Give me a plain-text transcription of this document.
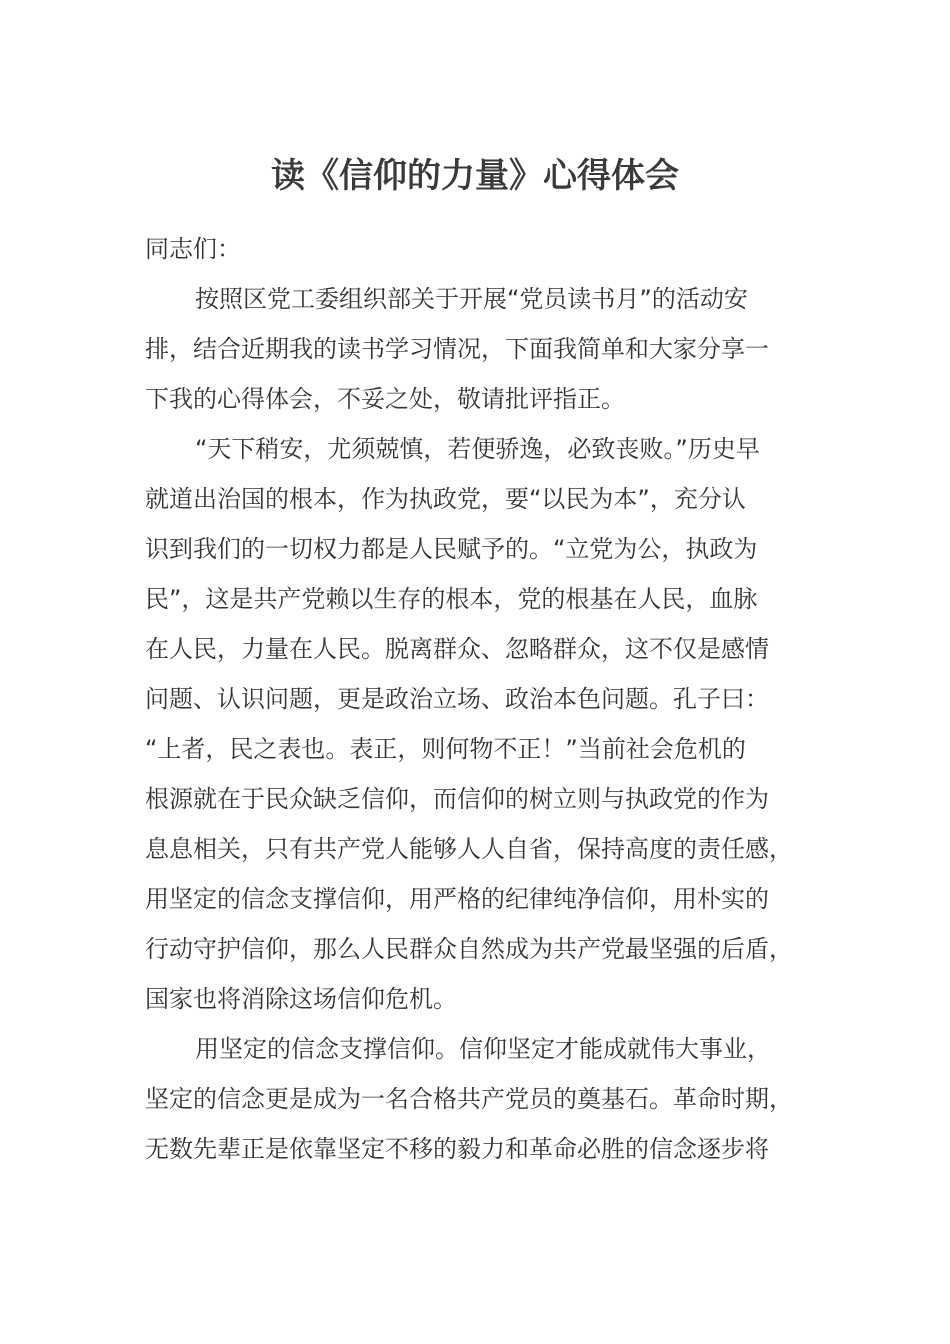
读《信仰的力量》心得体会

同志们：

按照区党工委组织部关于开展“党员读书月”的活动安

排，结合近期我的读书学习情况，下面我简单和大家分享一

下我的心得体会，不妥之处，敬请批评指正。

“天下稍安，尤须兢慎，若便骄逸，必致丧败。”历史早

就道出治国的根本，作为执政党，要“以民为本”，充分认

识到我们的一切权力都是人民赋予的。“立党为公，执政为

民”，这是共产党赖以生存的根本，党的根基在人民，血脉

在人民，力量在人民。脱离群众、忽略群众，这不仅是感情

问题、认识问题，更是政治立场、政治本色问题。孔子曰：

“上者，民之表也。表正，则何物不正！”当前社会危机的

根源就在于民众缺乏信仰，而信仰的树立则与执政党的作为

息息相关，只有共产党人能够人人自省，保持高度的责任感，

用坚定的信念支撑信仰，用严格的纪律纯净信仰，用朴实的

行动守护信仰，那么人民群众自然成为共产党最坚强的后盾，

国家也将消除这场信仰危机。

用坚定的信念支撑信仰。信仰坚定才能成就伟大事业，

坚定的信念更是成为一名合格共产党员的奠基石。革命时期，

无数先辈正是依靠坚定不移的毅力和革命必胜的信念逐步将
